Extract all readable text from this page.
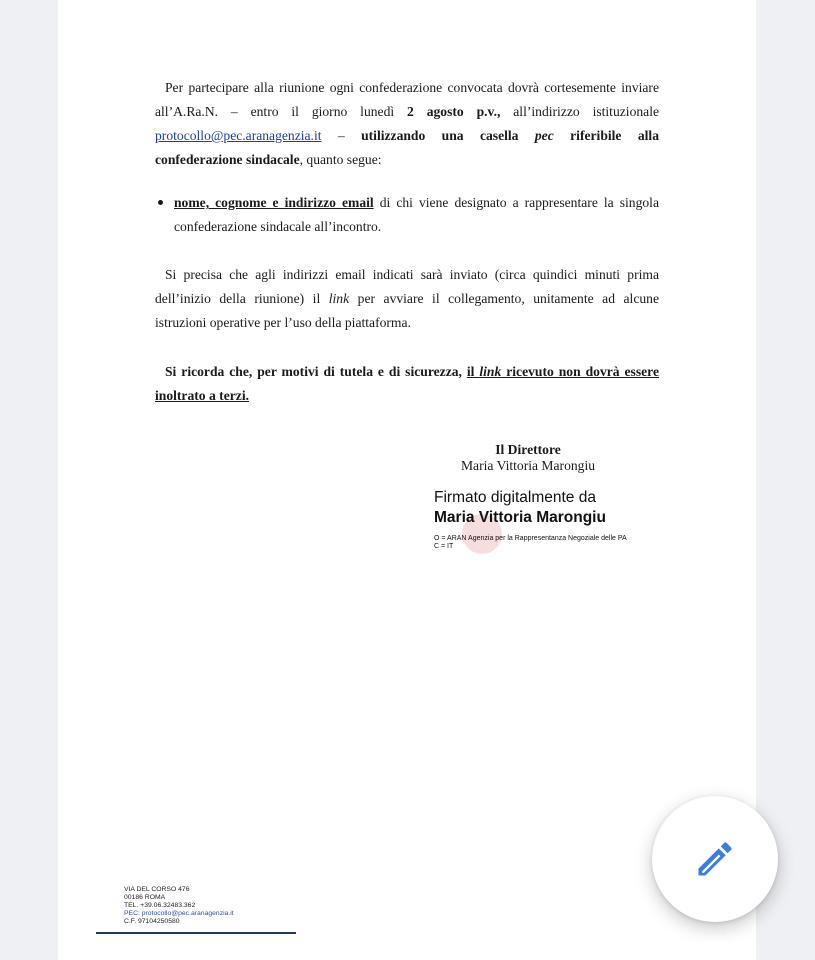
Per partecipare alla riunione ogni confederazione convocata dovrà cortesemente inviare
all’A.Ra.N. – entro il giorno lunedì 2 agosto p.v., all’indirizzo istituzionale
protocollo@pec.aranagenzia.it – utilizzando una casella pec riferibile alla
confederazione sindacale, quanto segue:
nome, cognome e indirizzo email di chi viene designato a rappresentare la singola
confederazione sindacale all’incontro.
Si precisa che agli indirizzi email indicati sarà inviato (circa quindici minuti prima
dell’inizio della riunione) il link per avviare il collegamento, unitamente ad alcune
istruzioni operative per l’uso della piattaforma.
Si ricorda che, per motivi di tutela e di sicurezza, il link ricevuto non dovrà essere
inoltrato a terzi.
Il Direttore
Maria Vittoria Marongiu
Firmato digitalmente da
Maria Vittoria Marongiu
O = ARAN Agenzia per la Rappresentanza Negoziale delle PA
C = IT
VIA DEL CORSO 476
00186 ROMA
TEL. +39.06.32483.362
PEC: protocollo@pec.aranagenzia.it
C.F. 97104250580
